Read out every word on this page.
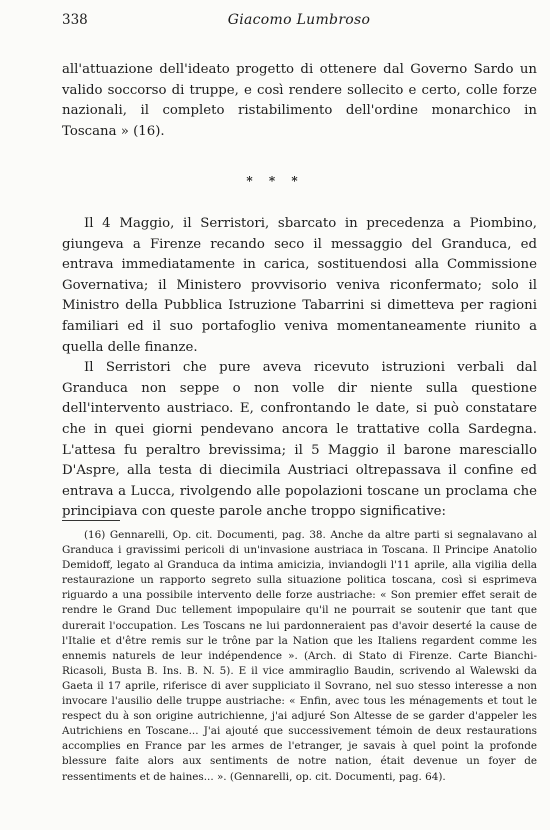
338	Giacomo Lumbroso

all'attuazione dell'ideato progetto di ottenere dal Governo Sardo un valido soccorso di truppe, e così rendere sollecito e certo, colle forze nazionali, il completo ristabilimento dell'ordine monarchico in Toscana » (16).

* * *

Il 4 Maggio, il Serristori, sbarcato in precedenza a Piombino, giungeva a Firenze recando seco il messaggio del Granduca, ed entrava immediatamente in carica, sostituendosi alla Commissione Governativa; il Ministero provvisorio veniva riconfermato; solo il Ministro della Pubblica Istruzione Tabarrini si dimetteva per ragioni familiari ed il suo portafoglio veniva momentaneamente riunito a quella delle finanze.

Il Serristori che pure aveva ricevuto istruzioni verbali dal Granduca non seppe o non volle dir niente sulla questione dell'intervento austriaco. E, confrontando le date, si può constatare che in quei giorni pendevano ancora le trattative colla Sardegna. L'attesa fu peraltro brevissima; il 5 Maggio il barone maresciallo D'Aspre, alla testa di diecimila Austriaci oltrepassava il confine ed entrava a Lucca, rivolgendo alle popolazioni toscane un proclama che principiava con queste parole anche troppo significative:

(16) Gennarelli, Op. cit. Documenti, pag. 38. Anche da altre parti si segnalavano al Granduca i gravissimi pericoli di un'invasione austriaca in Toscana. Il Principe Anatolio Demidoff, legato al Granduca da intima amicizia, inviandogli l'11 aprile, alla vigilia della restaurazione un rapporto segreto sulla situazione politica toscana, così si esprimeva riguardo a una possibile intervento delle forze austriache: « Son premier effet serait de rendre le Grand Duc tellement impopulaire qu'il ne pourrait se soutenir que tant que durerait l'occupation. Les Toscans ne lui pardonneraient pas d'avoir deserté la cause de l'Italie et d'être remis sur le trône par la Nation que les Italiens regardent comme les ennemis naturels de leur indépendence ». (Arch. di Stato di Firenze. Carte Bianchi-Ricasoli, Busta B. Ins. B. N. 5). E il vice ammiraglio Baudin, scrivendo al Walewski da Gaeta il 17 aprile, riferisce di aver suppliciato il Sovrano, nel suo stesso interesse a non invocare l'ausilio delle truppe austriache: « Enfin, avec tous les ménagements et tout le respect du à son origine autrichienne, j'ai adjuré Son Altesse de se garder d'appeler les Autrichiens en Toscane... J'ai ajouté que successivement témoin de deux restaurations accomplies en France par les armes de l'etranger, je savais à quel point la profonde blessure faite alors aux sentiments de notre nation, était devenue un foyer de ressentiments et de haines... ». (Gennarelli, op. cit. Documenti, pag. 64).
